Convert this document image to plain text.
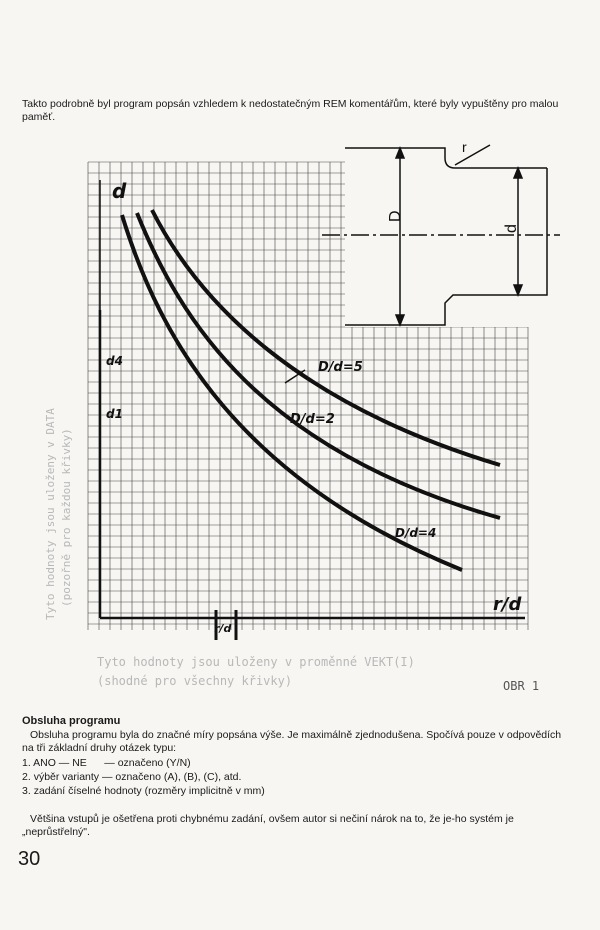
Takto podrobně byl program popsán vzhledem k nedostatečným REM komentářům, které byly vypuštěny pro malou paměť.
d
d4
d1
r/d
r/d
D/d=5
D/d=2
D/d=4
D
d
r
Tyto hodnoty jsou uloženy v DATA (pozořně pro každou křivky)
Tyto hodnoty jsou uloženy v proměnné VEKT(I)
(shodné pro všechny křivky)	OBR 1
Obsluha programu
Obsluha programu byla do značné míry popsána výše. Je maximálně zjednodušena. Spočívá pouze v odpovědích na tři základní druhy otázek typu:
1. ANO — NE      — označeno (Y/N)
2. výběr varianty — označeno (A), (B), (C), atd.
3. zadání číselné hodnoty (rozměry implicitně v mm)
Většina vstupů je ošetřena proti chybnému zadání, ovšem autor si nečiní nárok na to, že je-ho systém je „neprůstřelný".
30
